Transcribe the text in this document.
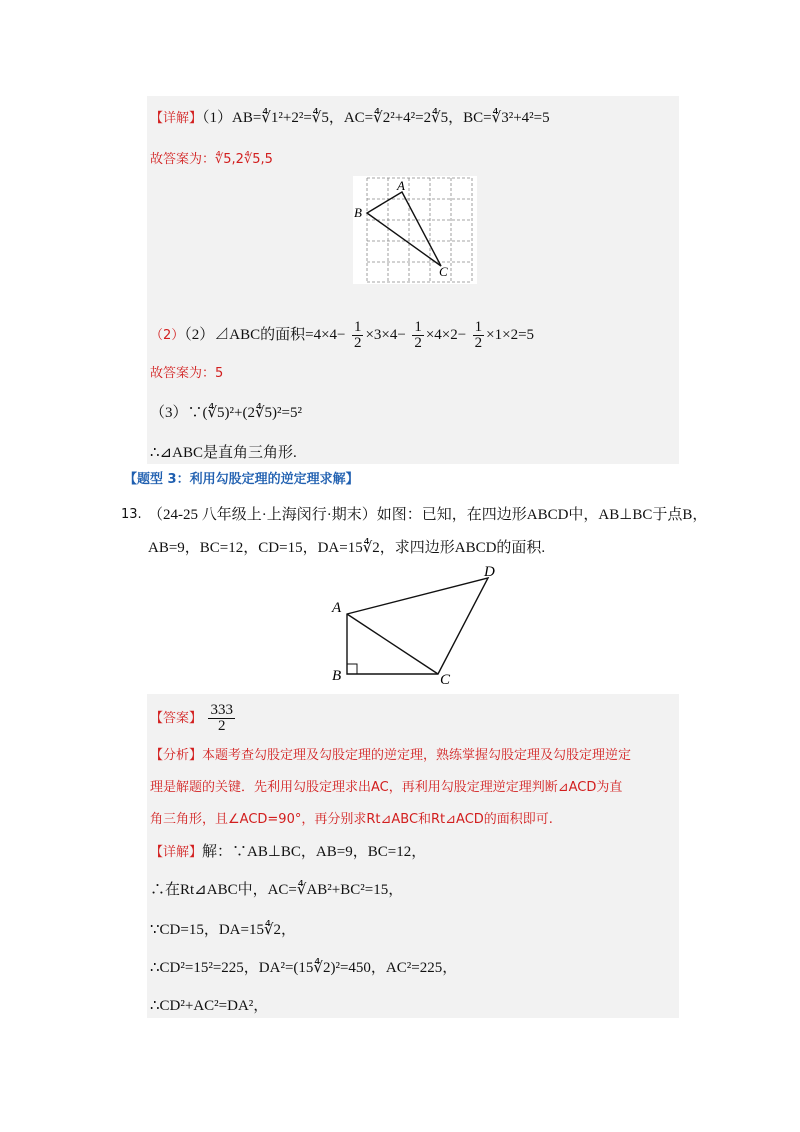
【详解】（1）AB=∜1²+2²=∜5，AC=∜2²+4²=2∜5，BC=∜3²+4²=5
故答案为：∜5,2∜5,5
A
B
C
（2）（2）⊿ABC的面积$=4\times 4- \frac{1}{2} \times 3\times 4- \frac{1}{2} \times 4\times 2- \frac{1}{2} \times 1\times 2=5$
故答案为：5
（3）∵(∜5)²+(2∜5)²=5²
∴⊿ABC是直角三角形.
【题型 3：利用勾股定理的逆定理求解】
13. （24-25 八年级上·上海闵行·期末）如图：已知，在四边形ABCD中，AB⊥BC于点B，
AB=9，BC=12，CD=15，DA=15∜2，求四边形ABCD的面积.
A
B	C
D
【答案】 $\frac{333}{2}$
【分析】本题考查勾股定理及勾股定理的逆定理，熟练掌握勾股定理及勾股定理逆定
理是解题的关键．先利用勾股定理求出AC，再利用勾股定理逆定理判断⊿ACD为直
角三角形，且∠ACD=90°，再分别求Rt⊿ABC和Rt⊿ACD的面积即可.
【详解】解：∵AB⊥BC，AB=9，BC=12，
∴在Rt⊿ABC中，AC=∜AB²+BC²=15，
∵CD=15，DA=15∜2，
∴CD²=15²=225，DA²=(15∜2)²=450，AC²=225，
∴CD²+AC²=DA²，
